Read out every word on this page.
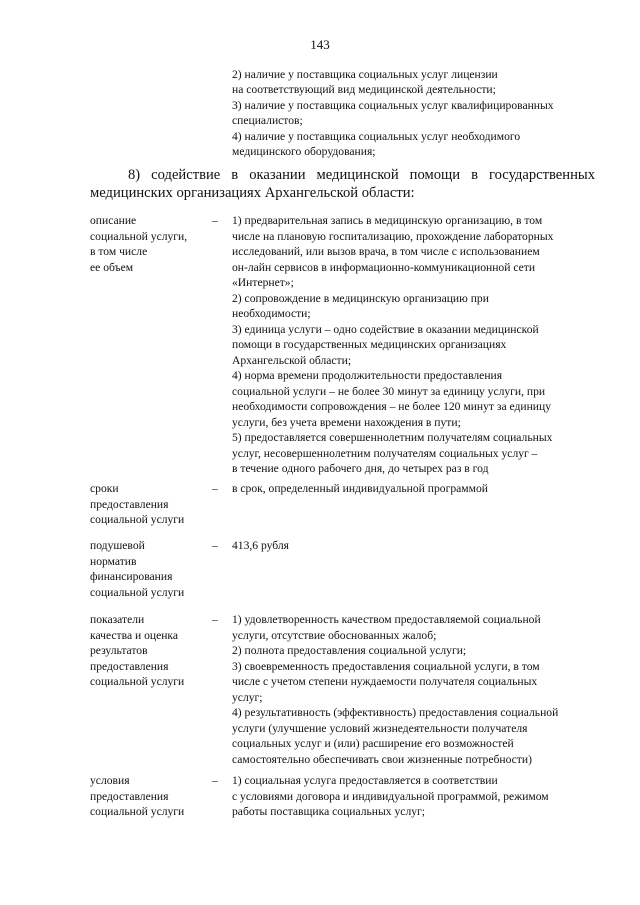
143
2) наличие у поставщика социальных услуг лицензии
на соответствующий вид медицинской деятельности;
3) наличие у поставщика социальных услуг квалифицированных
специалистов;
4) наличие у поставщика социальных услуг необходимого
медицинского оборудования;
8) содействие в оказании медицинской помощи в государственных
медицинских организациях Архангельской области:
описание
социальной услуги,
в том числе
ее объем
– 1) предварительная запись в медицинскую организацию, в том
числе на плановую госпитализацию, прохождение лабораторных
исследований, или вызов врача, в том числе с использованием
он-лайн сервисов в информационно-коммуникационной сети
«Интернет»;
2) сопровождение в медицинскую организацию при
необходимости;
3) единица услуги – одно содействие в оказании медицинской
помощи в государственных медицинских организациях
Архангельской области;
4) норма времени продолжительности предоставления
социальной услуги – не более 30 минут за единицу услуги, при
необходимости сопровождения – не более 120 минут за единицу
услуги, без учета времени нахождения в пути;
5) предоставляется совершеннолетним получателям социальных
услуг, несовершеннолетним получателям социальных услуг –
в течение одного рабочего дня, до четырех раз в год
сроки
предоставления
социальной услуги
– в срок, определенный индивидуальной программой
подушевой
норматив
финансирования
социальной услуги
– 413,6 рубля
показатели
качества и оценка
результатов
предоставления
социальной услуги
– 1) удовлетворенность качеством предоставляемой социальной
услуги, отсутствие обоснованных жалоб;
2) полнота предоставления социальной услуги;
3) своевременность предоставления социальной услуги, в том
числе с учетом степени нуждаемости получателя социальных
услуг;
4) результативность (эффективность) предоставления социальной
услуги (улучшение условий жизнедеятельности получателя
социальных услуг и (или) расширение его возможностей
самостоятельно обеспечивать свои жизненные потребности)
условия
предоставления
социальной услуги
– 1) социальная услуга предоставляется в соответствии
с условиями договора и индивидуальной программой, режимом
работы поставщика социальных услуг;
